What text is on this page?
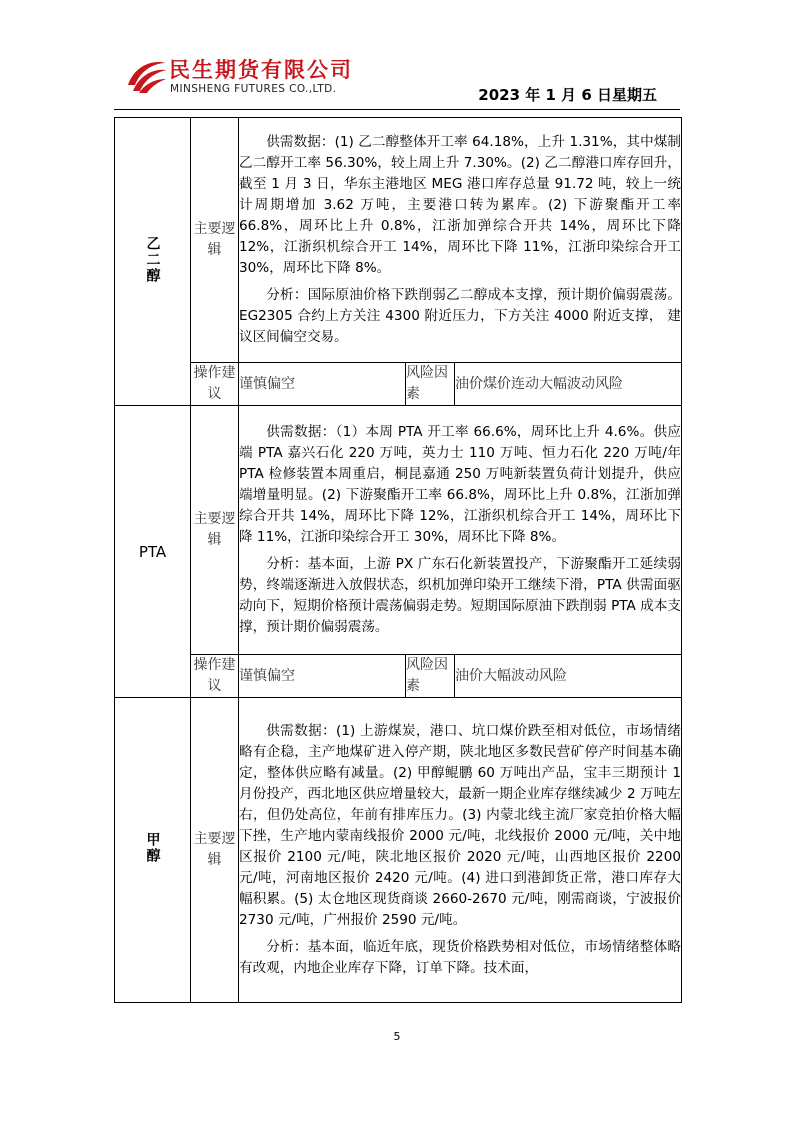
民生期货有限公司
MINSHENG FUTURES CO.,LTD.	2023 年 1 月 6 日星期五
乙二醇	主要逻辑	供需数据：(1) 乙二醇整体开工率 64.18%，上升 1.31%，其中煤制乙二醇开工率 56.30%，较上周上升 7.30%。(2) 乙二醇港口库存回升，截至 1 月 3 日，华东主港地区 MEG 港口库存总量 91.72 吨，较上一统计周期增加 3.62 万吨，主要港口转为累库。(2) 下游聚酯开工率 66.8%，周环比上升 0.8%，江浙加弹综合开共 14%，周环比下降 12%，江浙织机综合开工 14%，周环比下降 11%，江浙印染综合开工 30%，周环比下降 8%。

分析：国际原油价格下跌削弱乙二醇成本支撑，预计期价偏弱震荡。EG2305 合约上方关注 4300 附近压力，下方关注 4000 附近支撑， 建议区间偏空交易。		

	操作建议	谨慎偏空	风险因素	油价煤价连动大幅波动风险
PTA	主要逻辑	供需数据：（1）本周 PTA 开工率 66.6%，周环比上升 4.6%。供应端 PTA 嘉兴石化 220 万吨，英力士 110 万吨、恒力石化 220 万吨/年 PTA 检修装置本周重启，桐昆嘉通 250 万吨新装置负荷计划提升，供应端增量明显。(2) 下游聚酯开工率 66.8%，周环比上升 0.8%，江浙加弹综合开共 14%，周环比下降 12%，江浙织机综合开工 14%，周环比下降 11%，江浙印染综合开工 30%，周环比下降 8%。

分析：基本面，上游 PX 广东石化新装置投产，下游聚酯开工延续弱势，终端逐渐进入放假状态，织机加弹印染开工继续下滑，PTA 供需面驱动向下，短期价格预计震荡偏弱走势。短期国际原油下跌削弱 PTA 成本支撑，预计期价偏弱震荡。		

	操作建议	谨慎偏空	风险因素	油价大幅波动风险
甲醇	主要逻辑	供需数据：(1) 上游煤炭，港口、坑口煤价跌至相对低位，市场情绪略有企稳，主产地煤矿进入停产期，陕北地区多数民营矿停产时间基本确定，整体供应略有减量。(2) 甲醇鲲鹏 60 万吨出产品，宝丰三期预计 1 月份投产，西北地区供应增量较大，最新一期企业库存继续减少 2 万吨左右，但仍处高位，年前有排库压力。(3) 内蒙北线主流厂家竞拍价格大幅下挫，生产地内蒙南线报价 2000 元/吨，北线报价 2000 元/吨，关中地区报价 2100 元/吨，陕北地区报价 2020 元/吨，山西地区报价 2200 元/吨，河南地区报价 2420 元/吨。(4) 进口到港卸货正常，港口库存大幅积累。(5) 太仓地区现货商谈 2660-2670 元/吨，刚需商谈，宁波报价 2730 元/吨，广州报价 2590 元/吨。

分析：基本面，临近年底，现货价格跌势相对低位，市场情绪整体略有改观，内地企业库存下降，订单下降。技术面，		

5
